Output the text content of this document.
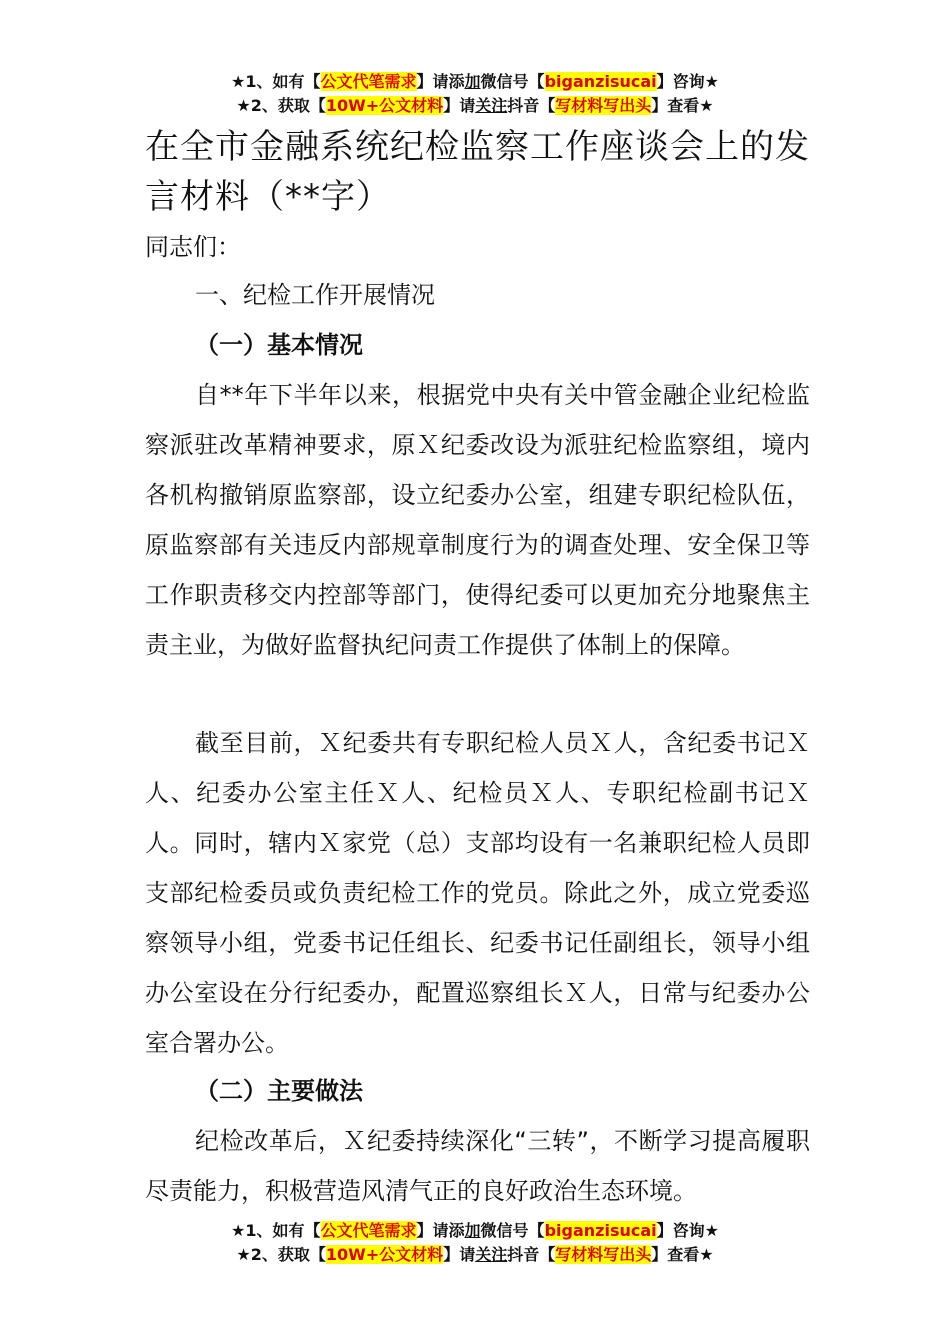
★1、如有【公文代笔需求】请添加微信号【biganzisucai】咨询★
★2、获取【10W+公文材料】请关注抖音【写材料写出头】查看★
在全市金融系统纪检监察工作座谈会上的发言材料（**字）
同志们：
一、纪检工作开展情况
（一）基本情况
自**年下半年以来，根据党中央有关中管金融企业纪检监察派驻改革精神要求，原Ｘ纪委改设为派驻纪检监察组，境内各机构撤销原监察部，设立纪委办公室，组建专职纪检队伍，原监察部有关违反内部规章制度行为的调查处理、安全保卫等工作职责移交内控部等部门，使得纪委可以更加充分地聚焦主责主业，为做好监督执纪问责工作提供了体制上的保障。
截至目前，Ｘ纪委共有专职纪检人员Ｘ人，含纪委书记Ｘ人、纪委办公室主任Ｘ人、纪检员Ｘ人、专职纪检副书记Ｘ人。同时，辖内Ｘ家党（总）支部均设有一名兼职纪检人员即支部纪检委员或负责纪检工作的党员。除此之外，成立党委巡察领导小组，党委书记任组长、纪委书记任副组长，领导小组办公室设在分行纪委办，配置巡察组长Ｘ人，日常与纪委办公室合署办公。
（二）主要做法
纪检改革后，Ｘ纪委持续深化“三转”，不断学习提高履职尽责能力，积极营造风清气正的良好政治生态环境。
★1、如有【公文代笔需求】请添加微信号【biganzisucai】咨询★
★2、获取【10W+公文材料】请关注抖音【写材料写出头】查看★
